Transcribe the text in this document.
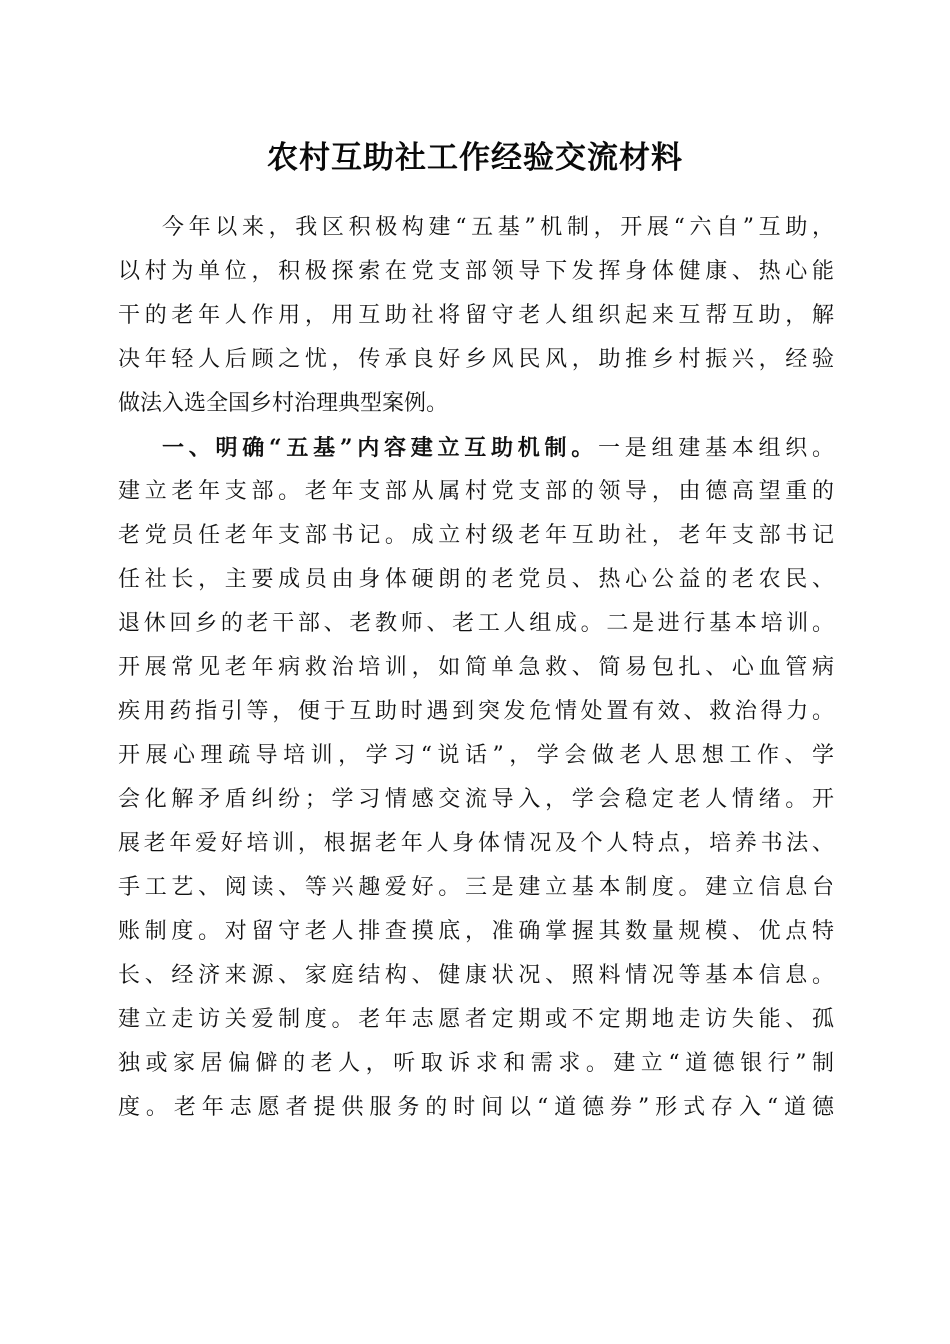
农村互助社工作经验交流材料
今年以来，我区积极构建“五基”机制，开展“六自”互助，
以村为单位，积极探索在党支部领导下发挥身体健康、热心能
干的老年人作用，用互助社将留守老人组织起来互帮互助，解
决年轻人后顾之忧，传承良好乡风民风，助推乡村振兴，经验
做法入选全国乡村治理典型案例。
一、明确“五基”内容建立互助机制。一是组建基本组织。
建立老年支部。老年支部从属村党支部的领导，由德高望重的
老党员任老年支部书记。成立村级老年互助社，老年支部书记
任社长，主要成员由身体硬朗的老党员、热心公益的老农民、
退休回乡的老干部、老教师、老工人组成。二是进行基本培训。
开展常见老年病救治培训，如简单急救、简易包扎、心血管病
疾用药指引等，便于互助时遇到突发危情处置有效、救治得力。
开展心理疏导培训，学习“说话”，学会做老人思想工作、学
会化解矛盾纠纷；学习情感交流导入，学会稳定老人情绪。开
展老年爱好培训，根据老年人身体情况及个人特点，培养书法、
手工艺、阅读、等兴趣爱好。三是建立基本制度。建立信息台
账制度。对留守老人排查摸底，准确掌握其数量规模、优点特
长、经济来源、家庭结构、健康状况、照料情况等基本信息。
建立走访关爱制度。老年志愿者定期或不定期地走访失能、孤
独或家居偏僻的老人，听取诉求和需求。建立“道德银行”制
度。老年志愿者提供服务的时间以“道德券”形式存入“道德
